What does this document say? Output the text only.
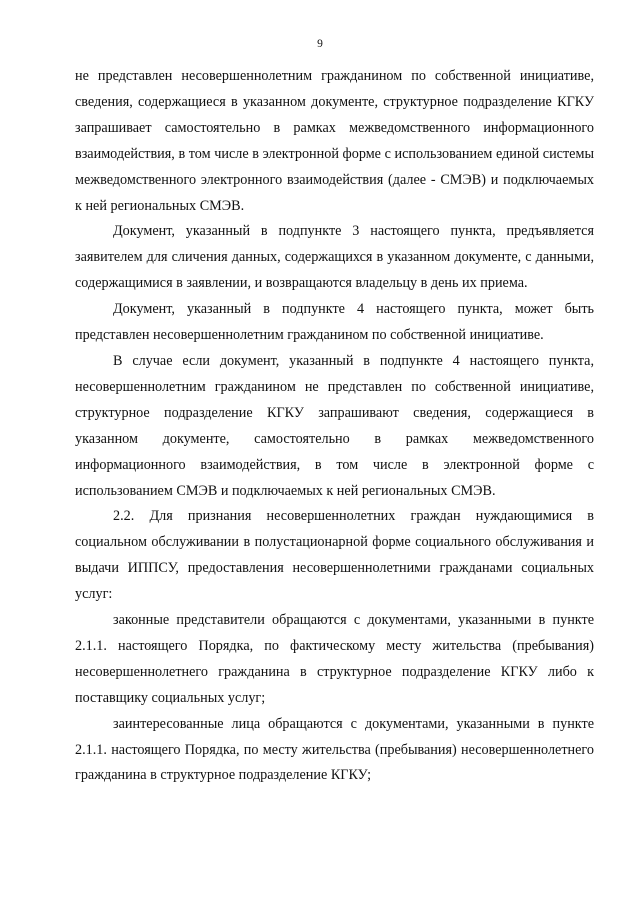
9

не представлен несовершеннолетним гражданином по собственной инициативе, сведения, содержащиеся в указанном документе, структурное подразделение КГКУ запрашивает самостоятельно в рамках межведомственного информационного взаимодействия, в том числе в электронной форме с использованием единой системы межведомственного электронного взаимодействия (далее - СМЭВ) и подключаемых к ней региональных СМЭВ.

Документ, указанный в подпункте 3 настоящего пункта, предъявляется заявителем для сличения данных, содержащихся в указанном документе, с данными, содержащимися в заявлении, и возвращаются владельцу в день их приема.

Документ, указанный в подпункте 4 настоящего пункта, может быть представлен несовершеннолетним гражданином по собственной инициативе.

В случае если документ, указанный в подпункте 4 настоящего пункта, несовершеннолетним гражданином не представлен по собственной инициативе, структурное подразделение КГКУ запрашивают сведения, содержащиеся в указанном документе, самостоятельно в рамках межведомственного информационного взаимодействия, в том числе в электронной форме с использованием СМЭВ и подключаемых к ней региональных СМЭВ.

2.2. Для признания несовершеннолетних граждан нуждающимися в социальном обслуживании в полустационарной форме социального обслуживания и выдачи ИППСУ, предоставления несовершеннолетними гражданами социальных услуг:

законные представители обращаются с документами, указанными в пункте 2.1.1. настоящего Порядка, по фактическому месту жительства (пребывания) несовершеннолетнего гражданина в структурное подразделение КГКУ либо к поставщику социальных услуг;

заинтересованные лица обращаются с документами, указанными в пункте 2.1.1. настоящего Порядка, по месту жительства (пребывания) несовершеннолетнего гражданина в структурное подразделение КГКУ;
